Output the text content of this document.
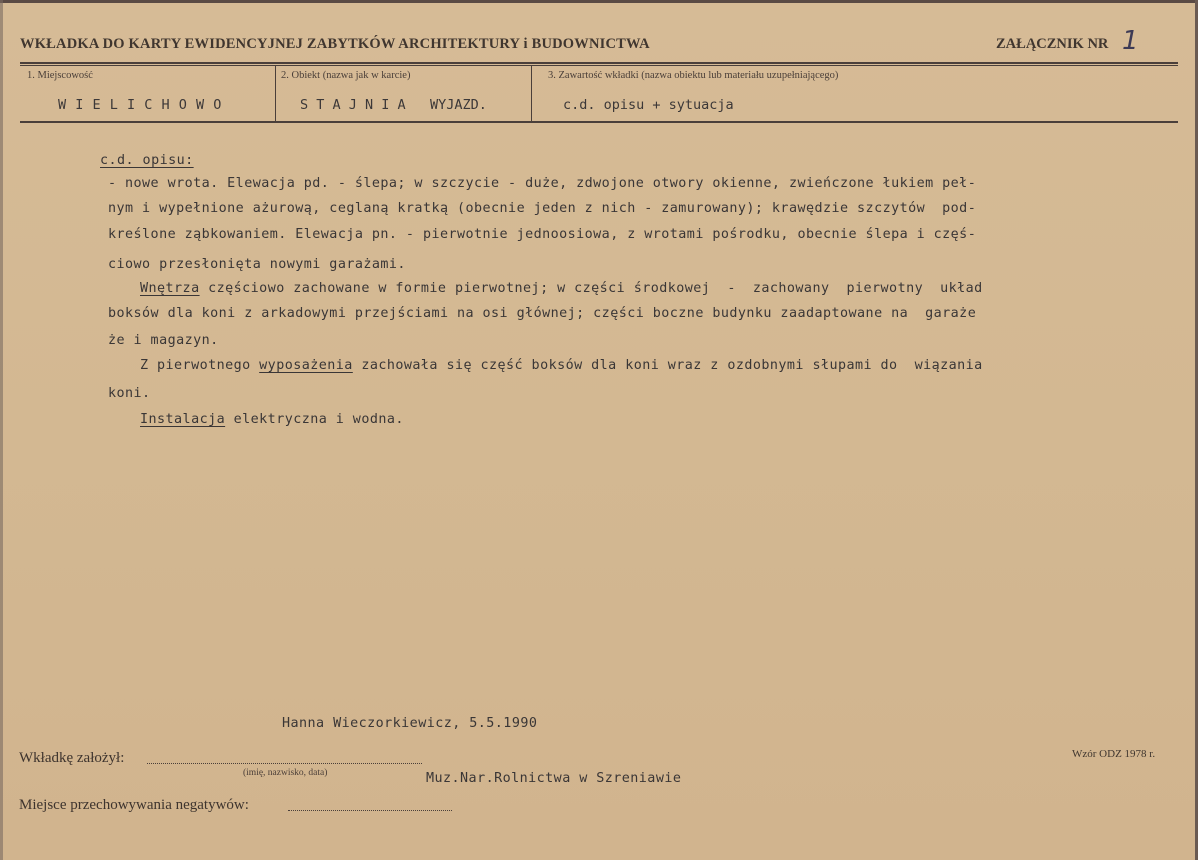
WKŁADKA DO KARTY EWIDENCYJNEJ ZABYTKÓW ARCHITEKTURY i BUDOWNICTWA	ZAŁĄCZNIK NR 1
1. Miejscowość
W I E L I C H O W O
2. Obiekt (nazwa jak w karcie)
S T A J N I A   WYJAZD.
3. Zawartość wkładki (nazwa obiektu lub materiału uzupełniającego)
c.d. opisu + sytuacja
c.d. opisu:
- nowe wrota. Elewacja pd. - ślepa; w szczycie - duże, zdwojone otwory okienne, zwieńczone łukiem peł-
nym i wypełnione ażurową, ceglaną kratką (obecnie jeden z nich - zamurowany); krawędzie szczytów  pod-
kreślone ząbkowaniem. Elewacja pn. - pierwotnie jednoosiowa, z wrotami pośrodku, obecnie ślepa i częś-
ciowo przesłonięta nowymi garażami.
Wnętrza częściowo zachowane w formie pierwotnej; w części środkowej  -  zachowany  pierwotny  układ
boksów dla koni z arkadowymi przejściami na osi głównej; części boczne budynku zaadaptowane na  garaże
że i magazyn.
Z pierwotnego wyposażenia zachowała się część boksów dla koni wraz z ozdobnymi słupami do  wiązania
koni.
Instalacja elektryczna i wodna.
Hanna Wieczorkiewicz, 5.5.1990
Wkładkę założył:
(imię, nazwisko, data)	Muz.Nar.Rolnictwa w Szreniawie
Miejsce przechowywania negatywów:
Wzór ODZ 1978 r.
